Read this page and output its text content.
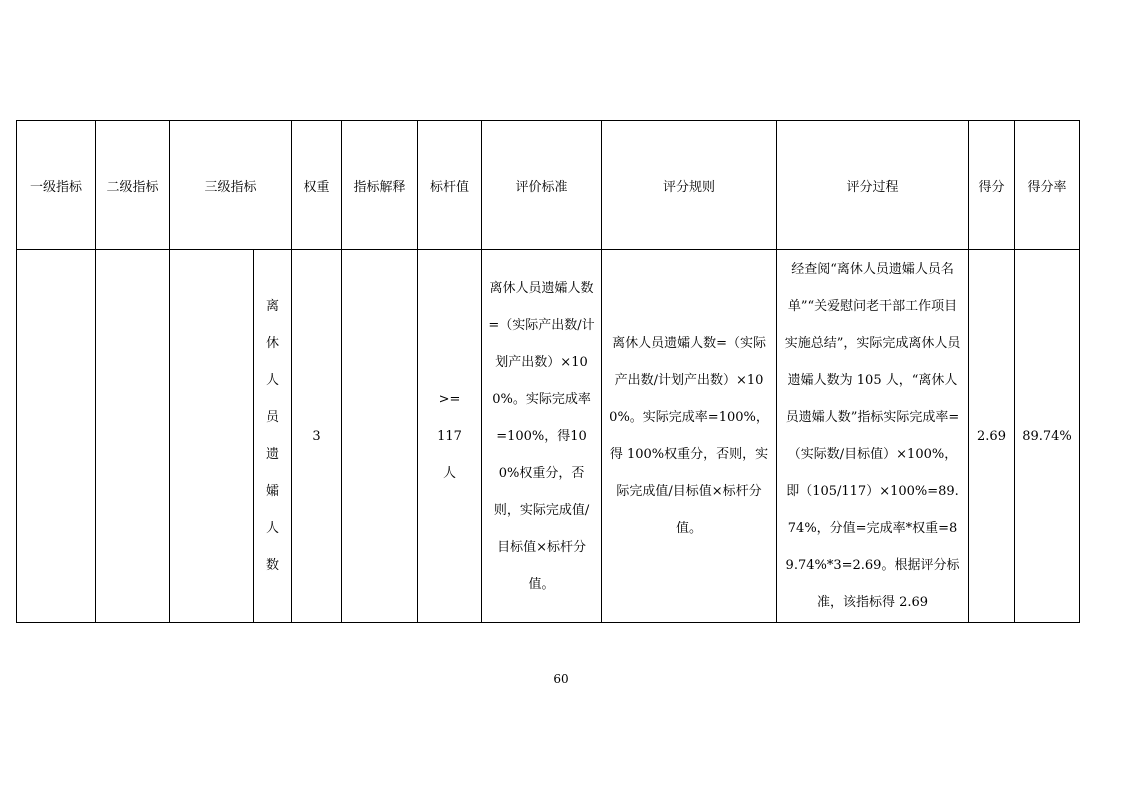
一级指标	二级指标	三级指标		权重	指标解释	标杆值	评价标准	评分规则	评分过程	得分	得分率

			离休人员遗孀人数	3		>=117人	离休人员遗孀人数=（实际产出数/计划产出数）×100%。实际完成率=100%，得100%权重分，否则，实际完成值/目标值×标杆分值。	离休人员遗孀人数=（实际产出数/计划产出数）×100%。实际完成率=100%，得 100%权重分，否则，实际完成值/目标值×标杆分值。	经查阅“离休人员遗孀人员名单”“关爱慰问老干部工作项目实施总结”，实际完成离休人员遗孀人数为 105 人，“离休人员遗孀人数”指标实际完成率=（实际数/目标值）×100%，即（105/117）×100%=89.74%，分值=完成率*权重=89.74%*3=2.69。根据评分标准，该指标得 2.69	2.69	89.74%
60
